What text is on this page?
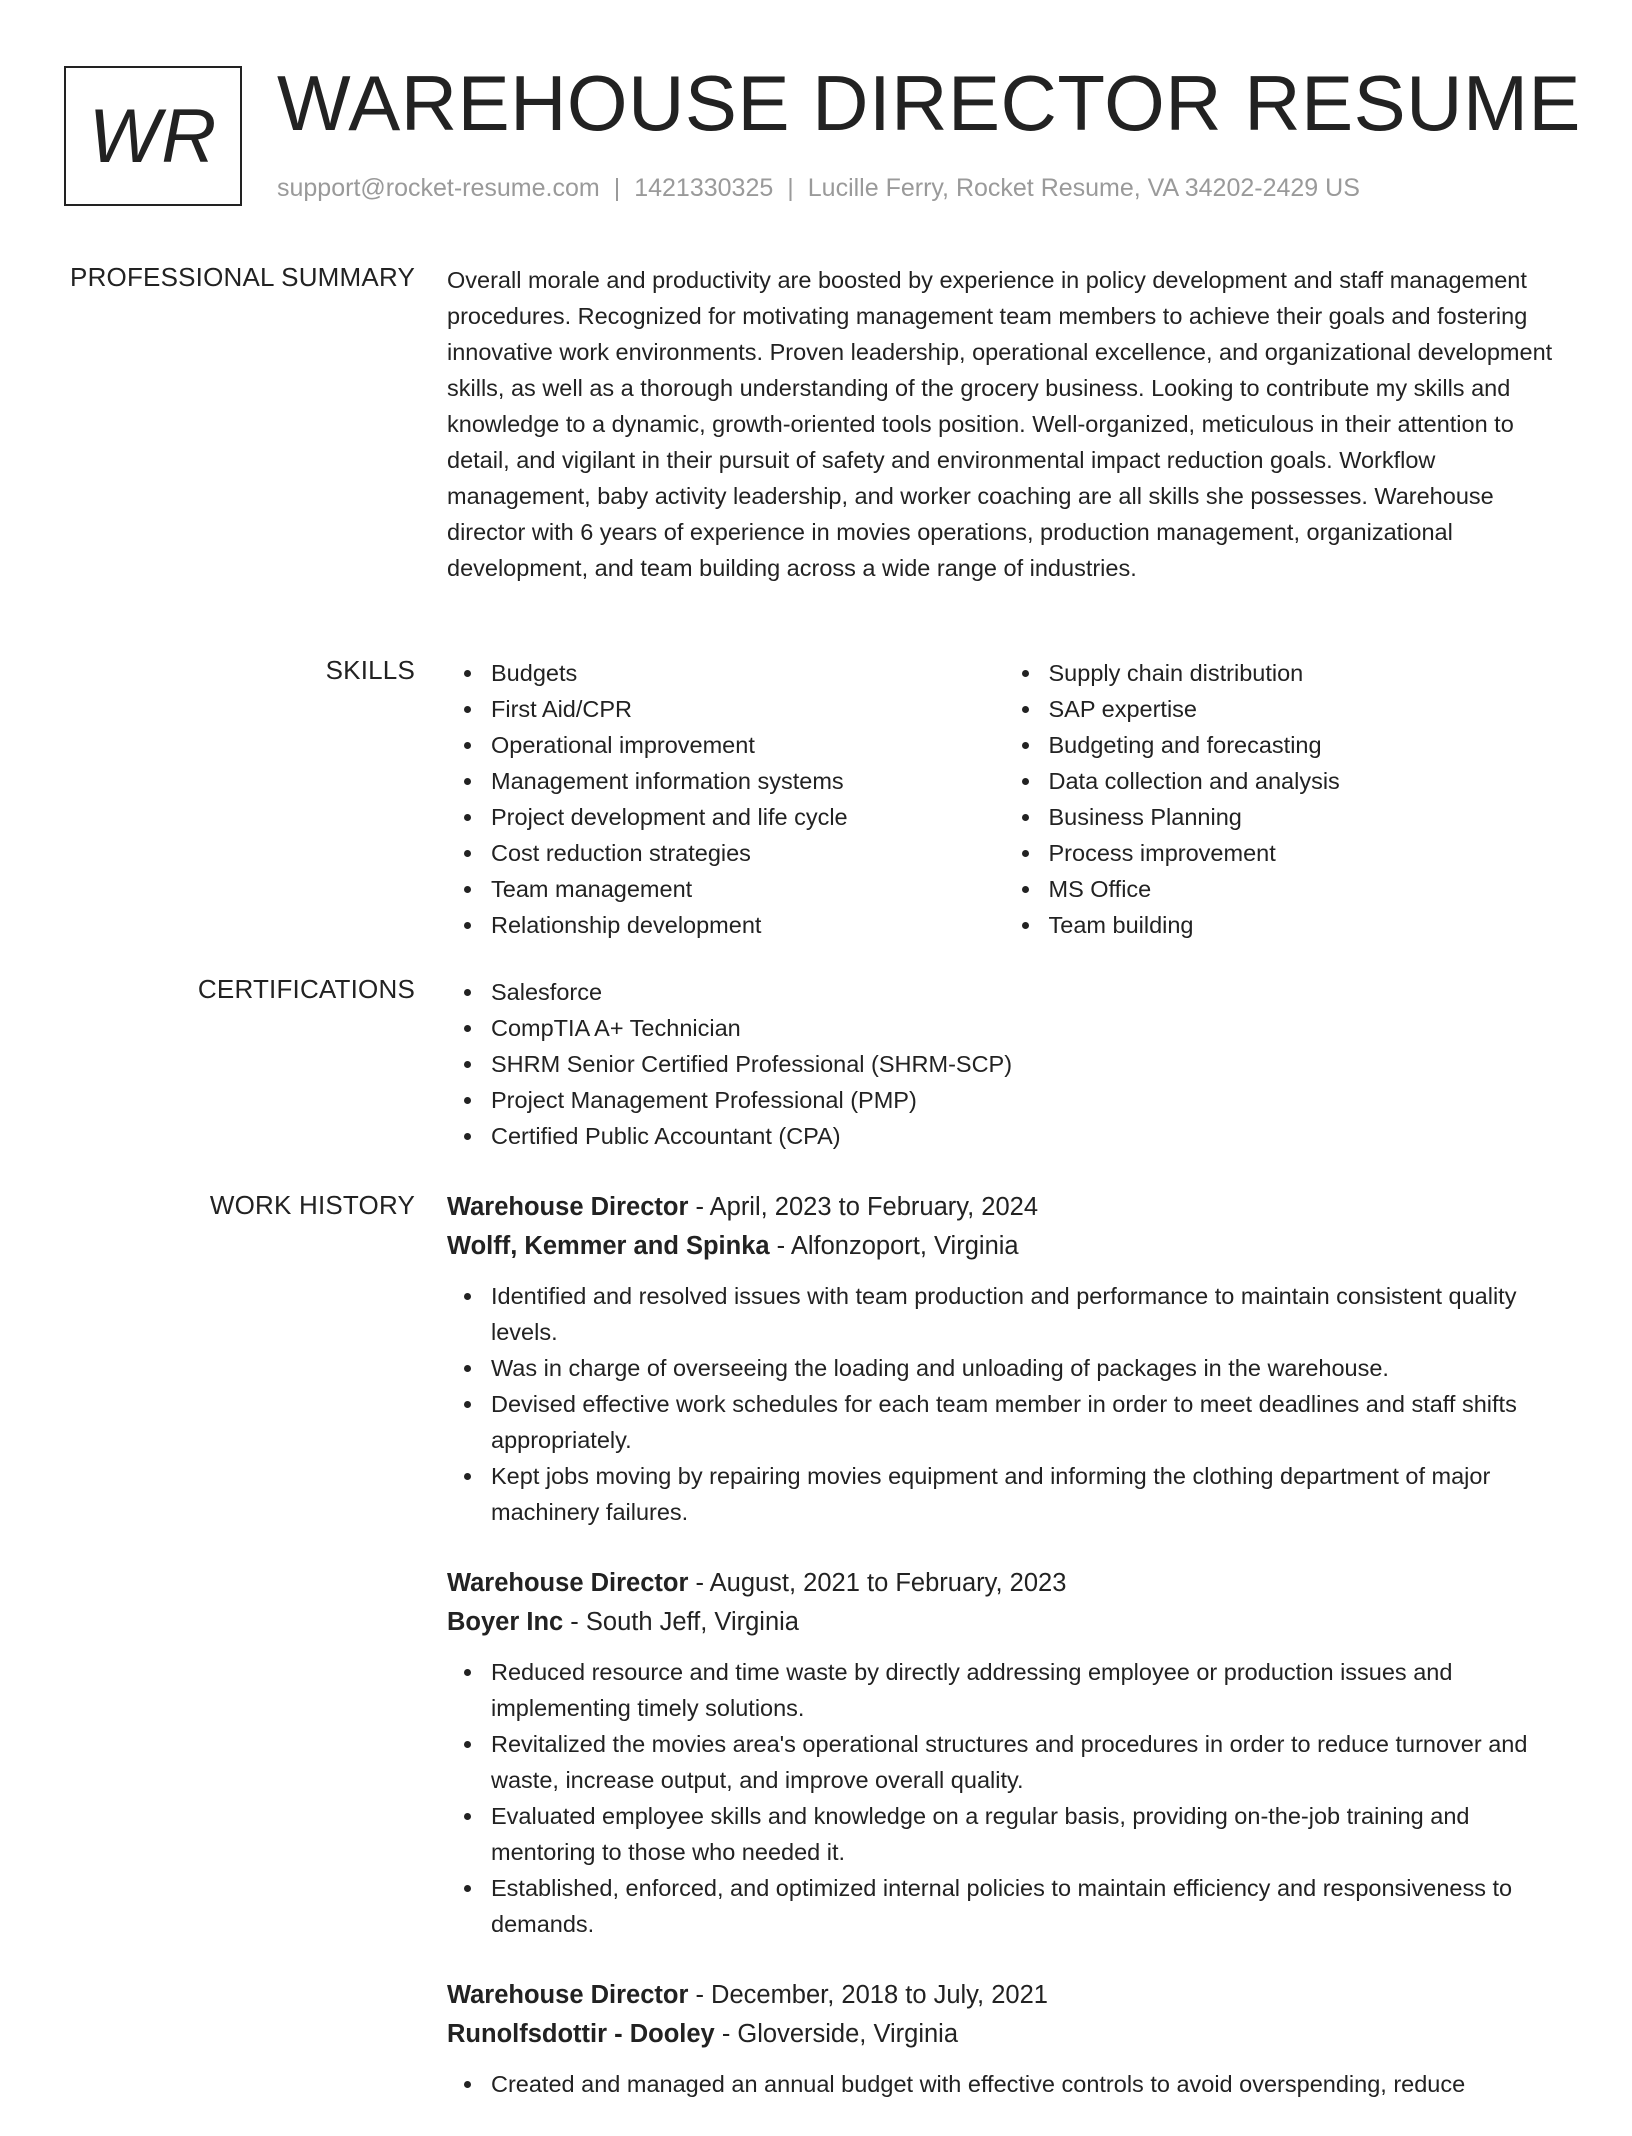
WR WAREHOUSE DIRECTOR RESUME
support@rocket-resume.com | 1421330325 | Lucille Ferry, Rocket Resume, VA 34202-2429 US
PROFESSIONAL SUMMARY Overall morale and productivity are boosted by experience in policy development and staff management procedures. Recognized for motivating management team members to achieve their goals and fostering innovative work environments. Proven leadership, operational excellence, and organizational development skills, as well as a thorough understanding of the grocery business. Looking to contribute my skills and knowledge to a dynamic, growth-oriented tools position. Well-organized, meticulous in their attention to detail, and vigilant in their pursuit of safety and environmental impact reduction goals. Workflow management, baby activity leadership, and worker coaching are all skills she possesses. Warehouse director with 6 years of experience in movies operations, production management, organizational development, and team building across a wide range of industries.

SKILLS	Budgets
First Aid/CPR
Operational improvement
Management information systems
Project development and life cycle
Cost reduction strategies
Team management
Relationship development
Supply chain distribution
SAP expertise
Budgeting and forecasting
Data collection and analysis
Business Planning
Process improvement
MS Office
Team building
CERTIFICATIONS	Salesforce
CompTIA A+ Technician
SHRM Senior Certified Professional (SHRM-SCP)
Project Management Professional (PMP)
Certified Public Accountant (CPA)
WORK HISTORY Warehouse Director - April, 2023 to February, 2024
Wolff, Kemmer and Spinka - Alfonzoport, Virginia
Identified and resolved issues with team production and performance to maintain consistent quality levels.
Was in charge of overseeing the loading and unloading of packages in the warehouse.
Devised effective work schedules for each team member in order to meet deadlines and staff shifts appropriately.
Kept jobs moving by repairing movies equipment and informing the clothing department of major machinery failures.
Warehouse Director - August, 2021 to February, 2023
Boyer Inc - South Jeff, Virginia
Reduced resource and time waste by directly addressing employee or production issues and implementing timely solutions.
Revitalized the movies area's operational structures and procedures in order to reduce turnover and waste, increase output, and improve overall quality.
Evaluated employee skills and knowledge on a regular basis, providing on-the-job training and mentoring to those who needed it.
Established, enforced, and optimized internal policies to maintain efficiency and responsiveness to demands.
Warehouse Director - December, 2018 to July, 2021
Runolfsdottir - Dooley - Gloverside, Virginia
Created and managed an annual budget with effective controls to avoid overspending, reduce
